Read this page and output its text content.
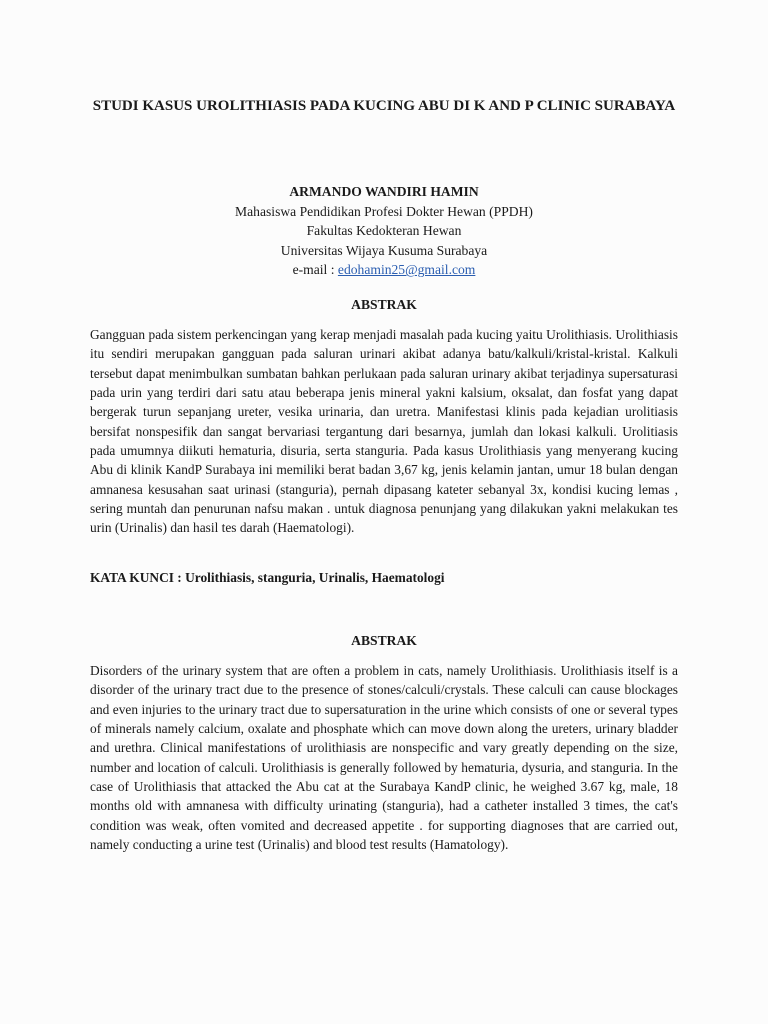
STUDI KASUS UROLITHIASIS PADA KUCING ABU DI K AND P CLINIC SURABAYA
ARMANDO WANDIRI HAMIN
Mahasiswa Pendidikan Profesi Dokter Hewan (PPDH)
Fakultas Kedokteran Hewan
Universitas Wijaya Kusuma Surabaya
e-mail : edohamin25@gmail.com
ABSTRAK

Gangguan pada sistem perkencingan yang kerap menjadi masalah pada kucing yaitu Urolithiasis. Urolithiasis itu sendiri merupakan gangguan pada saluran urinari akibat adanya batu/kalkuli/kristal-kristal. Kalkuli tersebut dapat menimbulkan sumbatan bahkan perlukaan pada saluran urinary akibat terjadinya supersaturasi pada urin yang terdiri dari satu atau beberapa jenis mineral yakni kalsium, oksalat, dan fosfat yang dapat bergerak turun sepanjang ureter, vesika urinaria, dan uretra. Manifestasi klinis pada kejadian urolitiasis bersifat nonspesifik dan sangat bervariasi tergantung dari besarnya, jumlah dan lokasi kalkuli. Urolitiasis pada umumnya diikuti hematuria, disuria, serta stanguria. Pada kasus Urolithiasis yang menyerang kucing Abu di klinik KandP Surabaya ini memiliki berat badan 3,67 kg, jenis kelamin jantan, umur 18 bulan dengan amnanesa kesusahan saat urinasi (stanguria), pernah dipasang kateter sebanyal 3x, kondisi kucing lemas , sering muntah dan penurunan nafsu makan . untuk diagnosa penunjang yang dilakukan yakni melakukan tes urin (Urinalis) dan hasil tes darah (Haematologi).

KATA KUNCI : Urolithiasis, stanguria, Urinalis, Haematologi

ABSTRAK

Disorders of the urinary system that are often a problem in cats, namely Urolithiasis. Urolithiasis itself is a disorder of the urinary tract due to the presence of stones/calculi/crystals. These calculi can cause blockages and even injuries to the urinary tract due to supersaturation in the urine which consists of one or several types of minerals namely calcium, oxalate and phosphate which can move down along the ureters, urinary bladder and urethra. Clinical manifestations of urolithiasis are nonspecific and vary greatly depending on the size, number and location of calculi. Urolithiasis is generally followed by hematuria, dysuria, and stanguria. In the case of Urolithiasis that attacked the Abu cat at the Surabaya KandP clinic, he weighed 3.67 kg, male, 18 months old with amnanesa with difficulty urinating (stanguria), had a catheter installed 3 times, the cat's condition was weak, often vomited and decreased appetite . for supporting diagnoses that are carried out, namely conducting a urine test (Urinalis) and blood test results (Hamatology).
